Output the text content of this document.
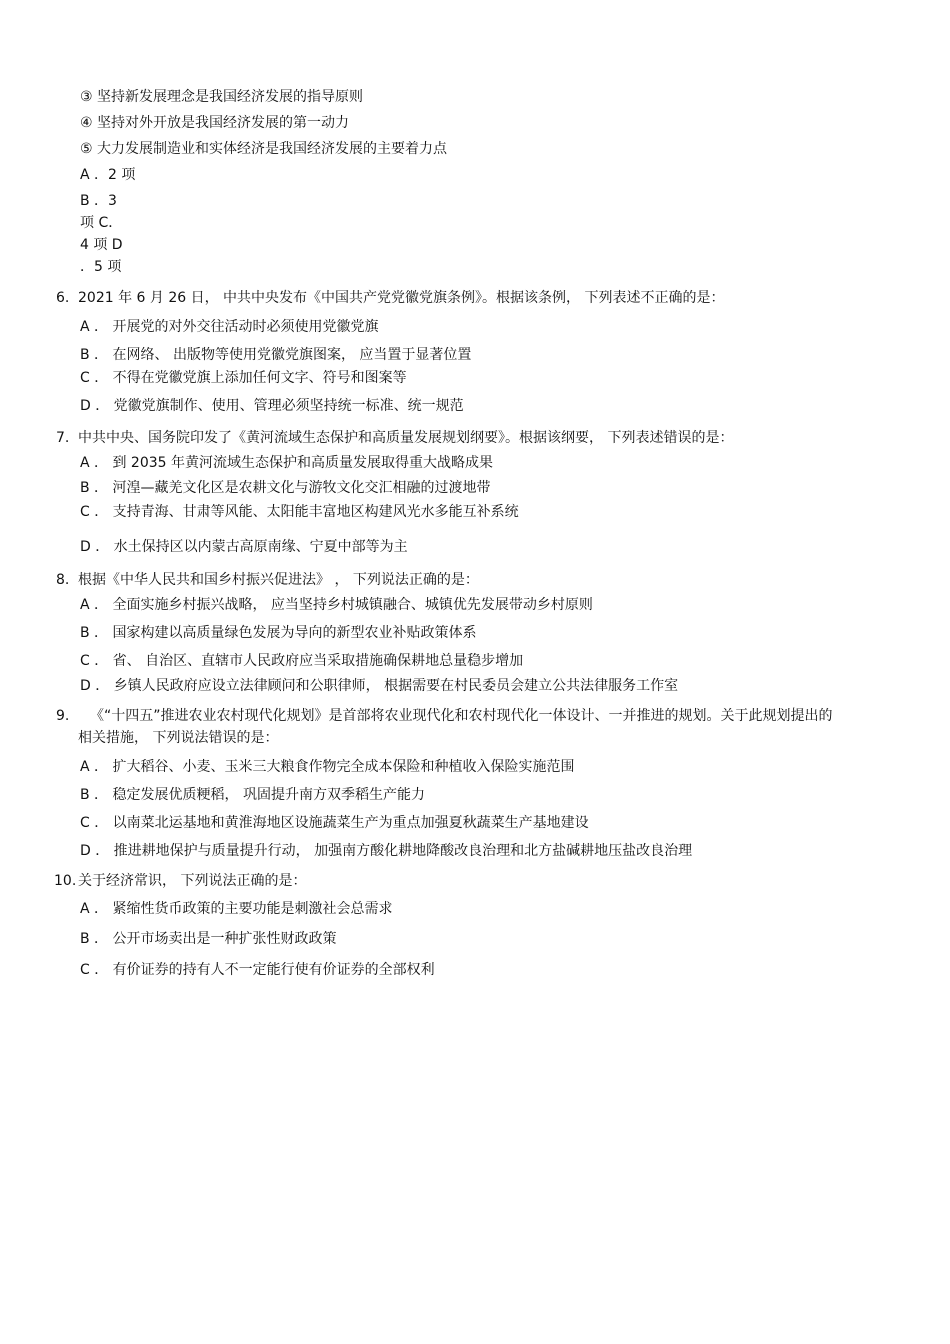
③ 坚持新发展理念是我国经济发展的指导原则
④ 坚持对外开放是我国经济发展的第一动力
⑤ 大力发展制造业和实体经济是我国经济发展的主要着力点
A ．2 项
B ．3
项 C．
4 项 D
．5 项
6. 2021 年 6 月 26 日， 中共中央发布《中国共产党党徽党旗条例》。根据该条例， 下列表述不正确的是：
A ． 开展党的对外交往活动时必须使用党徽党旗
B ． 在网络、 出版物等使用党徽党旗图案， 应当置于显著位置
C ． 不得在党徽党旗上添加任何文字、符号和图案等
D ． 党徽党旗制作、使用、管理必须坚持统一标准、统一规范
7. 中共中央、国务院印发了《黄河流域生态保护和高质量发展规划纲要》。根据该纲要， 下列表述错误的是：
A ． 到 2035 年黄河流域生态保护和高质量发展取得重大战略成果
B ． 河湟—藏羌文化区是农耕文化与游牧文化交汇相融的过渡地带
C ． 支持青海、甘肃等风能、太阳能丰富地区构建风光水多能互补系统
D ． 水土保持区以内蒙古高原南缘、宁夏中部等为主
8. 根据《中华人民共和国乡村振兴促进法》 ， 下列说法正确的是：
A ． 全面实施乡村振兴战略， 应当坚持乡村城镇融合、城镇优先发展带动乡村原则
B ． 国家构建以高质量绿色发展为导向的新型农业补贴政策体系
C ． 省、 自治区、直辖市人民政府应当采取措施确保耕地总量稳步增加
D ． 乡镇人民政府应设立法律顾问和公职律师， 根据需要在村民委员会建立公共法律服务工作室
9. 《“十四五”推进农业农村现代化规划》是首部将农业现代化和农村现代化一体设计、一并推进的规划。关于此规划提出的
相关措施， 下列说法错误的是：
A ． 扩大稻谷、小麦、玉米三大粮食作物完全成本保险和种植收入保险实施范围
B ． 稳定发展优质粳稻， 巩固提升南方双季稻生产能力
C ． 以南菜北运基地和黄淮海地区设施蔬菜生产为重点加强夏秋蔬菜生产基地建设
D ． 推进耕地保护与质量提升行动， 加强南方酸化耕地降酸改良治理和北方盐碱耕地压盐改良治理
10. 关于经济常识， 下列说法正确的是：
A ． 紧缩性货币政策的主要功能是刺激社会总需求
B ． 公开市场卖出是一种扩张性财政政策
C ． 有价证券的持有人不一定能行使有价证券的全部权利
